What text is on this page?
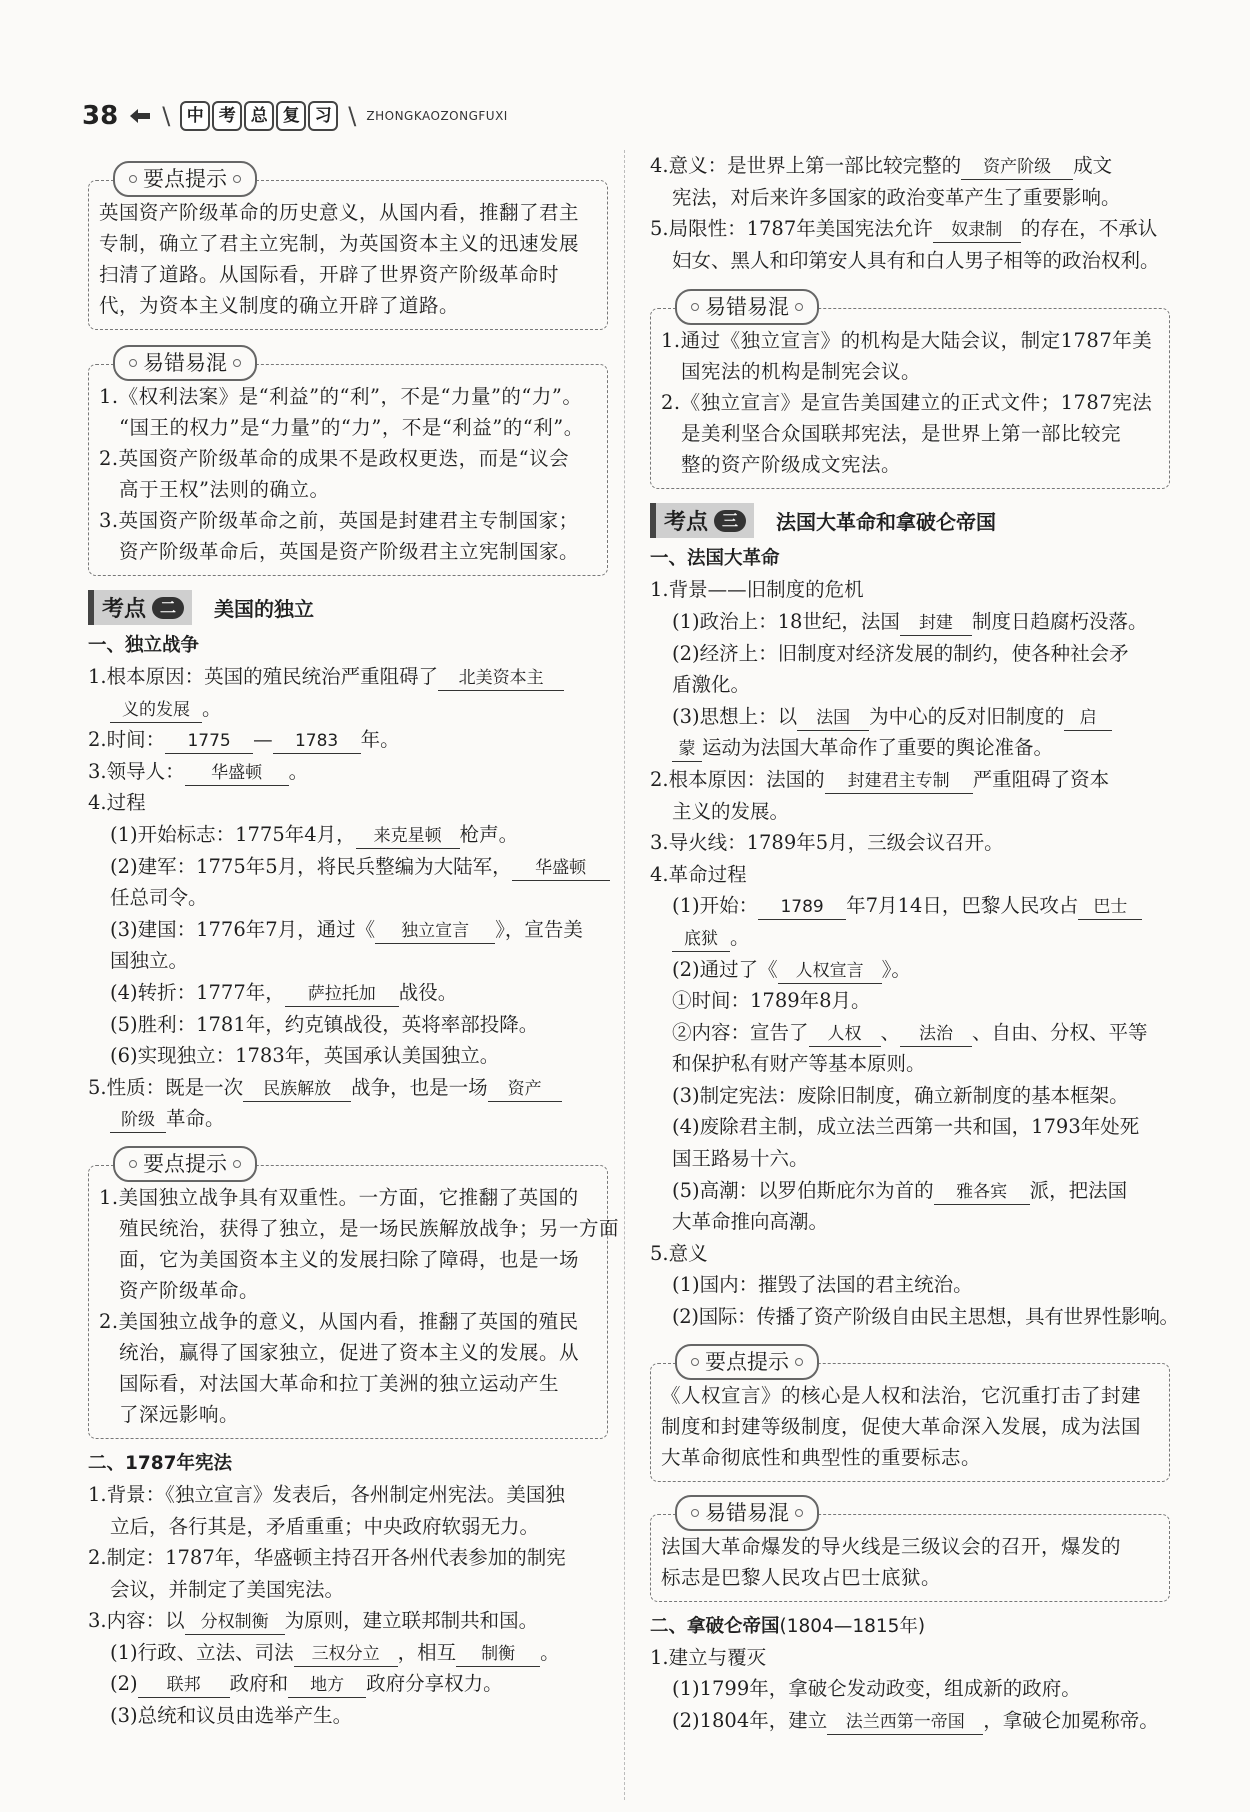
38 \ 中 考 总 复 习 \ ZHONGKAOZONGFUXI
要点提示
英国资产阶级革命的历史意义，从国内看，推翻了君主
专制，确立了君主立宪制，为英国资本主义的迅速发展
扫清了道路。从国际看，开辟了世界资产阶级革命时
代，为资本主义制度的确立开辟了道路。
易错易混
1.《权利法案》是“利益”的“利”，不是“力量”的“力”。
“国王的权力”是“力量”的“力”，不是“利益”的“利”。
2.英国资产阶级革命的成果不是政权更迭，而是“议会
高于王权”法则的确立。
3.英国资产阶级革命之前，英国是封建君主专制国家；
资产阶级革命后，英国是资产阶级君主立宪制国家。
考点 二	美国的独立
一、独立战争
1.根本原因：英国的殖民统治严重阻碍了 北美资本主
义的发展 。
2.时间： 1775 — 1783 年。
3.领导人： 华盛顿 。
4.过程
(1)开始标志：1775年4月， 来克星顿 枪声。
(2)建军：1775年5月，将民兵整编为大陆军， 华盛顿
任总司令。
(3)建国：1776年7月，通过《 独立宣言 》，宣告美
国独立。
(4)转折：1777年， 萨拉托加 战役。
(5)胜利：1781年，约克镇战役，英将率部投降。
(6)实现独立：1783年，英国承认美国独立。
5.性质：既是一次 民族解放 战争，也是一场 资产
阶级 革命。
要点提示
1.美国独立战争具有双重性。一方面，它推翻了英国的
殖民统治，获得了独立，是一场民族解放战争；另一方面
面，它为美国资本主义的发展扫除了障碍，也是一场
资产阶级革命。
2.美国独立战争的意义，从国内看，推翻了英国的殖民
统治，赢得了国家独立，促进了资本主义的发展。从
国际看，对法国大革命和拉丁美洲的独立运动产生
了深远影响。
二、1787年宪法
1.背景：《独立宣言》发表后，各州制定州宪法。美国独
立后，各行其是，矛盾重重；中央政府软弱无力。
2.制定：1787年，华盛顿主持召开各州代表参加的制宪
会议，并制定了美国宪法。
3.内容：以 分权制衡 为原则，建立联邦制共和国。
(1)行政、立法、司法 三权分立 ，相互 制衡 。
(2) 联邦 政府和 地方 政府分享权力。
(3)总统和议员由选举产生。
4.意义：是世界上第一部比较完整的 资产阶级 成文
宪法，对后来许多国家的政治变革产生了重要影响。
5.局限性：1787年美国宪法允许 奴隶制 的存在，不承认
妇女、黑人和印第安人具有和白人男子相等的政治权利。
易错易混
1.通过《独立宣言》的机构是大陆会议，制定1787年美
国宪法的机构是制宪会议。
2.《独立宣言》是宣告美国建立的正式文件；1787宪法
是美利坚合众国联邦宪法，是世界上第一部比较完
整的资产阶级成文宪法。
考点 三	法国大革命和拿破仑帝国
一、法国大革命
1.背景——旧制度的危机
(1)政治上：18世纪，法国 封建 制度日趋腐朽没落。
(2)经济上：旧制度对经济发展的制约，使各种社会矛
盾激化。
(3)思想上：以 法国 为中心的反对旧制度的 启
蒙 运动为法国大革命作了重要的舆论准备。
2.根本原因：法国的 封建君主专制 严重阻碍了资本
主义的发展。
3.导火线：1789年5月，三级会议召开。
4.革命过程
(1)开始： 1789 年7月14日，巴黎人民攻占 巴士
底狱 。
(2)通过了《 人权宣言 》。
①时间：1789年8月。
②内容：宣告了 人权 、 法治 、自由、分权、平等
和保护私有财产等基本原则。
(3)制定宪法：废除旧制度，确立新制度的基本框架。
(4)废除君主制，成立法兰西第一共和国，1793年处死
国王路易十六。
(5)高潮：以罗伯斯庇尔为首的 雅各宾 派，把法国
大革命推向高潮。
5.意义
(1)国内：摧毁了法国的君主统治。
(2)国际：传播了资产阶级自由民主思想，具有世界性影响。
要点提示
《人权宣言》的核心是人权和法治，它沉重打击了封建
制度和封建等级制度，促使大革命深入发展，成为法国
大革命彻底性和典型性的重要标志。
易错易混
法国大革命爆发的导火线是三级议会的召开，爆发的
标志是巴黎人民攻占巴士底狱。
二、拿破仑帝国(1804—1815年)
1.建立与覆灭
(1)1799年，拿破仑发动政变，组成新的政府。
(2)1804年，建立 法兰西第一帝国 ，拿破仑加冕称帝。
